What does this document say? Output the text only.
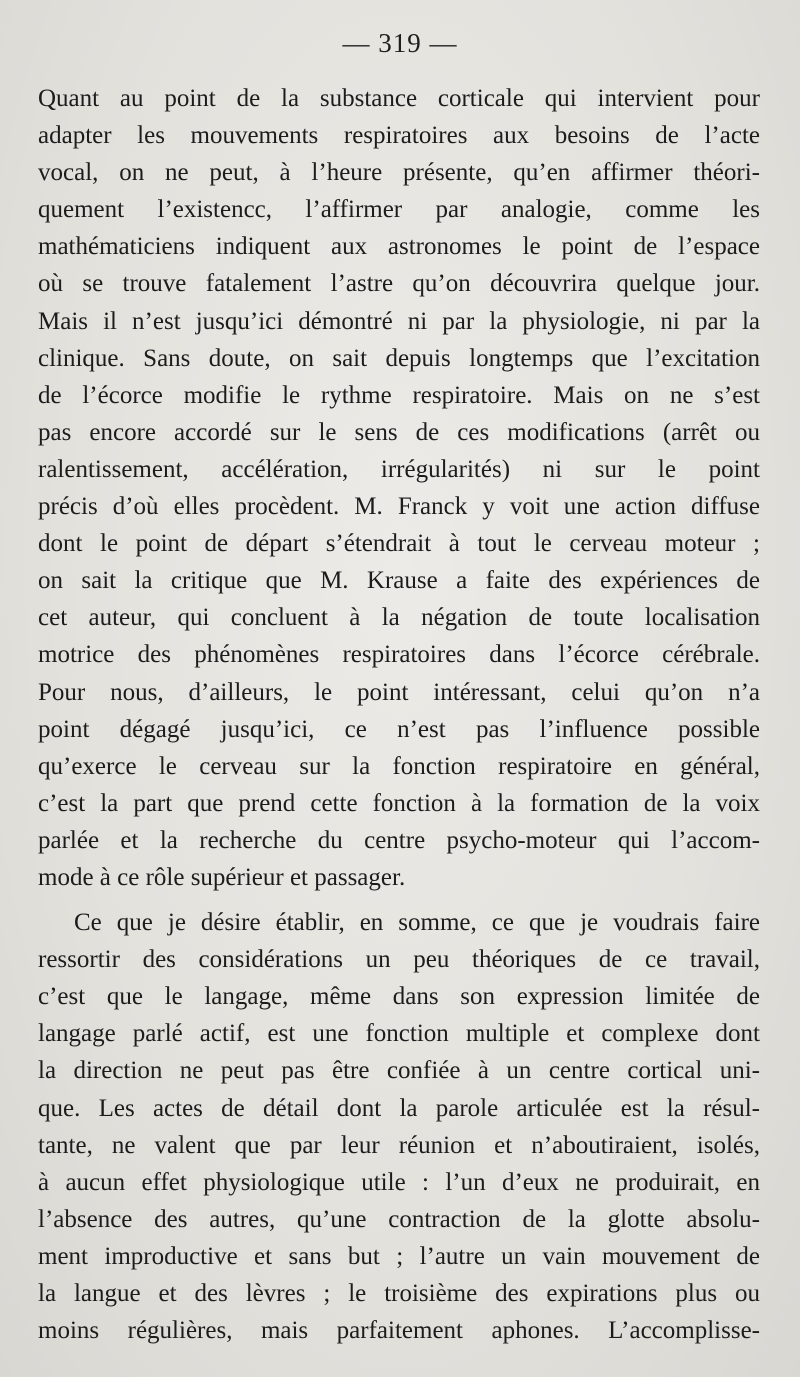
— 319 —
Quant au point de la substance corticale qui intervient pour
adapter les mouvements respiratoires aux besoins de l’acte
vocal, on ne peut, à l’heure présente, qu’en affirmer théori-
quement l’existencc, l’affirmer par analogie, comme les
mathématiciens indiquent aux astronomes le point de l’espace
où se trouve fatalement l’astre qu’on découvrira quelque jour.
Mais il n’est jusqu’ici démontré ni par la physiologie, ni par la
clinique. Sans doute, on sait depuis longtemps que l’excitation
de l’écorce modifie le rythme respiratoire. Mais on ne s’est
pas encore accordé sur le sens de ces modifications (arrêt ou
ralentissement, accélération, irrégularités) ni sur le point
précis d’où elles procèdent. M. Franck y voit une action diffuse
dont le point de départ s’étendrait à tout le cerveau moteur ;
on sait la critique que M. Krause a faite des expériences de
cet auteur, qui concluent à la négation de toute localisation
motrice des phénomènes respiratoires dans l’écorce cérébrale.
Pour nous, d’ailleurs, le point intéressant, celui qu’on n’a
point dégagé jusqu’ici, ce n’est pas l’influence possible
qu’exerce le cerveau sur la fonction respiratoire en général,
c’est la part que prend cette fonction à la formation de la voix
parlée et la recherche du centre psycho-moteur qui l’accom-
mode à ce rôle supérieur et passager.
Ce que je désire établir, en somme, ce que je voudrais faire
ressortir des considérations un peu théoriques de ce travail,
c’est que le langage, même dans son expression limitée de
langage parlé actif, est une fonction multiple et complexe dont
la direction ne peut pas être confiée à un centre cortical uni-
que. Les actes de détail dont la parole articulée est la résul-
tante, ne valent que par leur réunion et n’aboutiraient, isolés,
à aucun effet physiologique utile : l’un d’eux ne produirait, en
l’absence des autres, qu’une contraction de la glotte absolu-
ment improductive et sans but ; l’autre un vain mouvement de
la langue et des lèvres ; le troisième des expirations plus ou
moins régulières, mais parfaitement aphones. L’accomplisse-
